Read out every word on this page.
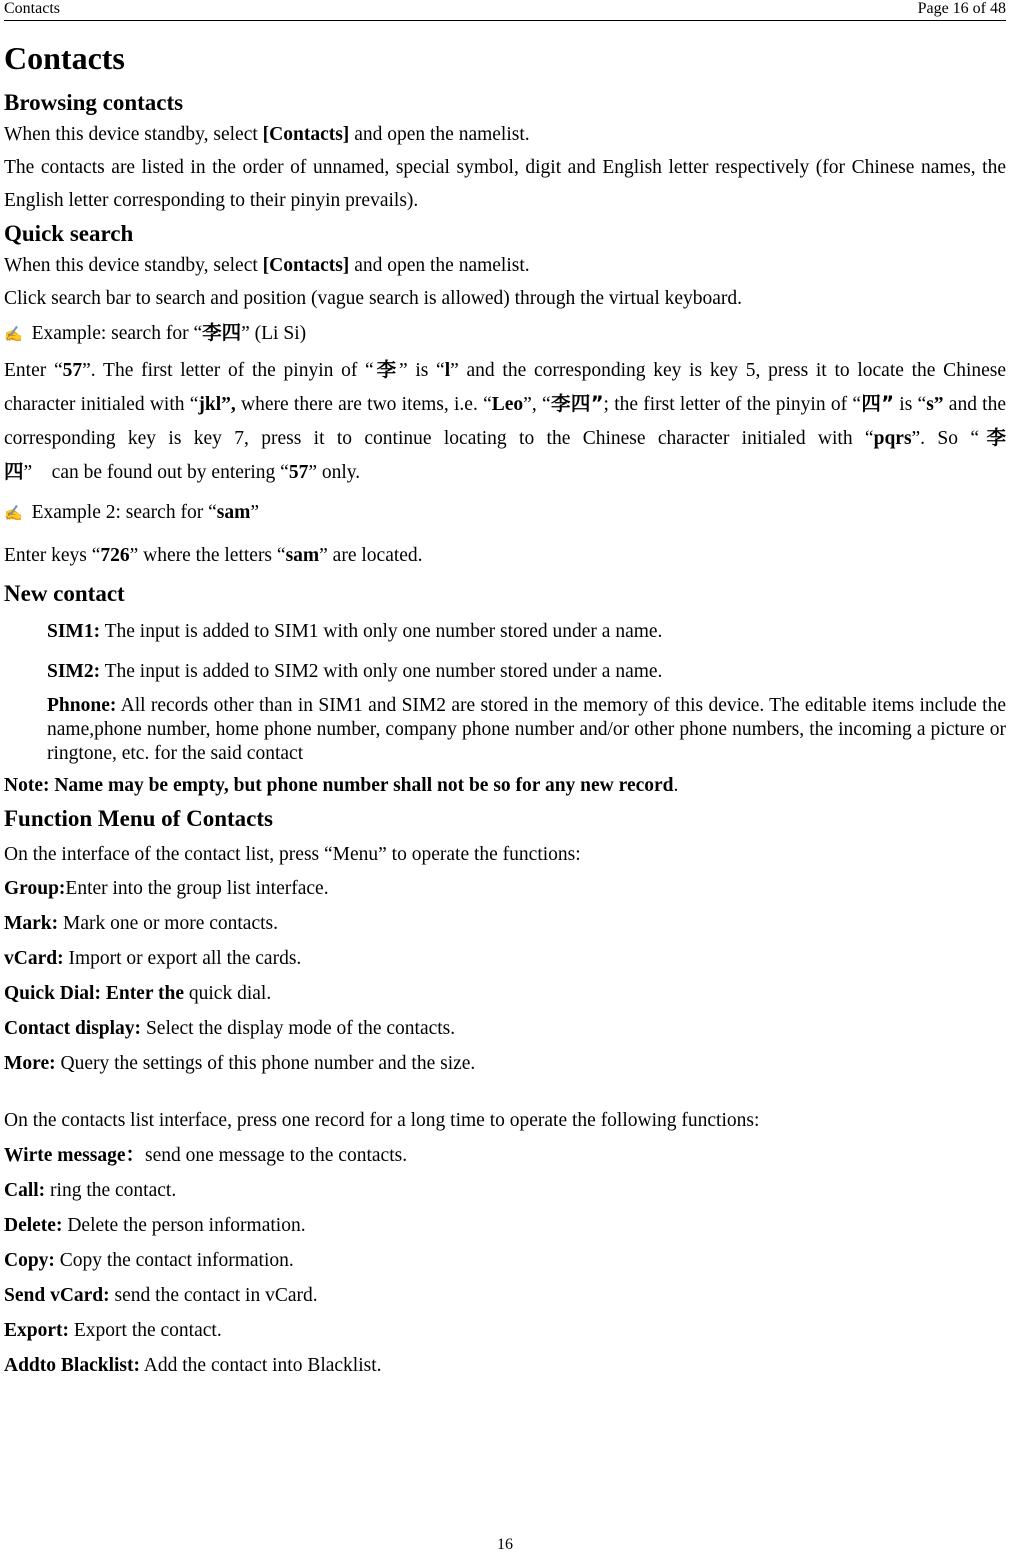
Contacts	Page 16 of 48
Contacts
Browsing contacts

When this device standby, select [Contacts] and open the namelist.

The contacts are listed in the order of unnamed, special symbol, digit and English letter respectively (for Chinese names, the English letter corresponding to their pinyin prevails).

Quick search

When this device standby, select [Contacts] and open the namelist.

Click search bar to search and position (vague search is allowed) through the virtual keyboard.

✍ Example: search for “李四” (Li Si)

Enter “57”. The first letter of the pinyin of “李” is “l” and the corresponding key is key 5, press it to locate the Chinese character initialed with “jkl”, where there are two items, i.e. “Leo”, “李四”; the first letter of the pinyin of “四” is “s” and the corresponding key is key 7, press it to continue locating to the Chinese character initialed with “pqrs”. So “李四”    can be found out by entering “57” only.

✍ Example 2: search for “sam”

Enter keys “726” where the letters “sam” are located.

New contact

SIM1: The input is added to SIM1 with only one number stored under a name.

SIM2: The input is added to SIM2 with only one number stored under a name.

Phnone: All records other than in SIM1 and SIM2 are stored in the memory of this device. The editable items include the name,phone number, home phone number, company phone number and/or other phone numbers, the incoming a picture or ringtone, etc. for the said contact

Note: Name may be empty, but phone number shall not be so for any new record.

Function Menu of Contacts

On the interface of the contact list, press “Menu” to operate the functions:

Group:Enter into the group list interface.

Mark: Mark one or more contacts.

vCard: Import or export all the cards.

Quick Dial: Enter the quick dial.

Contact display: Select the display mode of the contacts.

More: Query the settings of this phone number and the size.

On the contacts list interface, press one record for a long time to operate the following functions:

Wirte message：send one message to the contacts.

Call: ring the contact.

Delete: Delete the person information.

Copy: Copy the contact information.

Send vCard: send the contact in vCard.

Export: Export the contact.

Addto Blacklist: Add the contact into Blacklist.

16
